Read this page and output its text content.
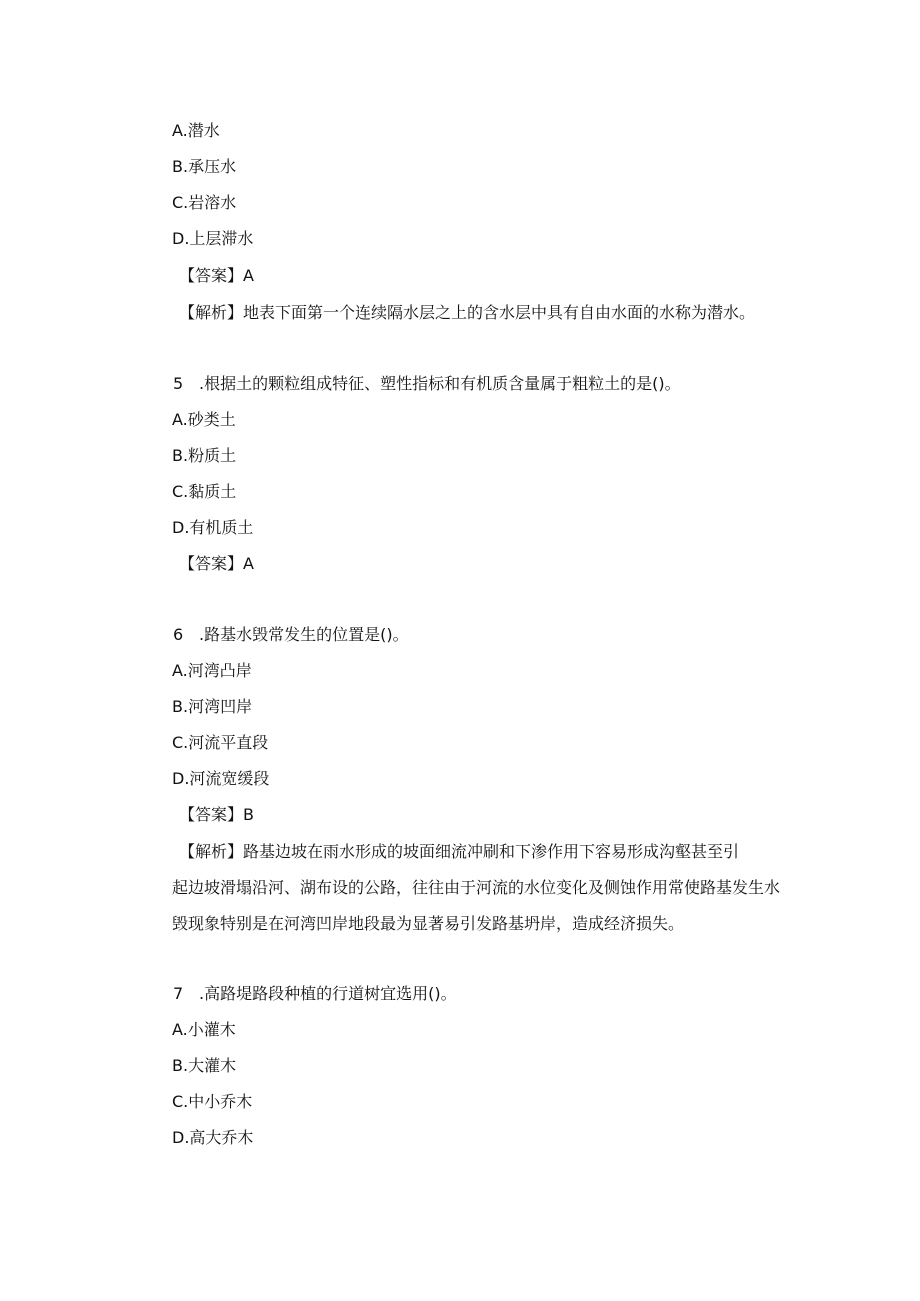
A.潜水
B.承压水
C.岩溶水
D.上层滞水
【答案】A
【解析】地表下面第一个连续隔水层之上的含水层中具有自由水面的水称为潜水。
5 .根据土的颗粒组成特征、塑性指标和有机质含量属于粗粒土的是()。
A.砂类土
B.粉质土
C.黏质土
D.有机质土
【答案】A
6 .路基水毁常发生的位置是()。
A.河湾凸岸
B.河湾凹岸
C.河流平直段
D.河流宽缓段
【答案】B
【解析】路基边坡在雨水形成的坡面细流冲刷和下渗作用下容易形成沟壑甚至引
起边坡滑塌沿河、湖布设的公路，往往由于河流的水位变化及侧蚀作用常使路基发生水
毁现象特别是在河湾凹岸地段最为显著易引发路基坍岸，造成经济损失。
7 .高路堤路段种植的行道树宜选用()。
A.小灌木
B.大灌木
C.中小乔木
D.高大乔木
